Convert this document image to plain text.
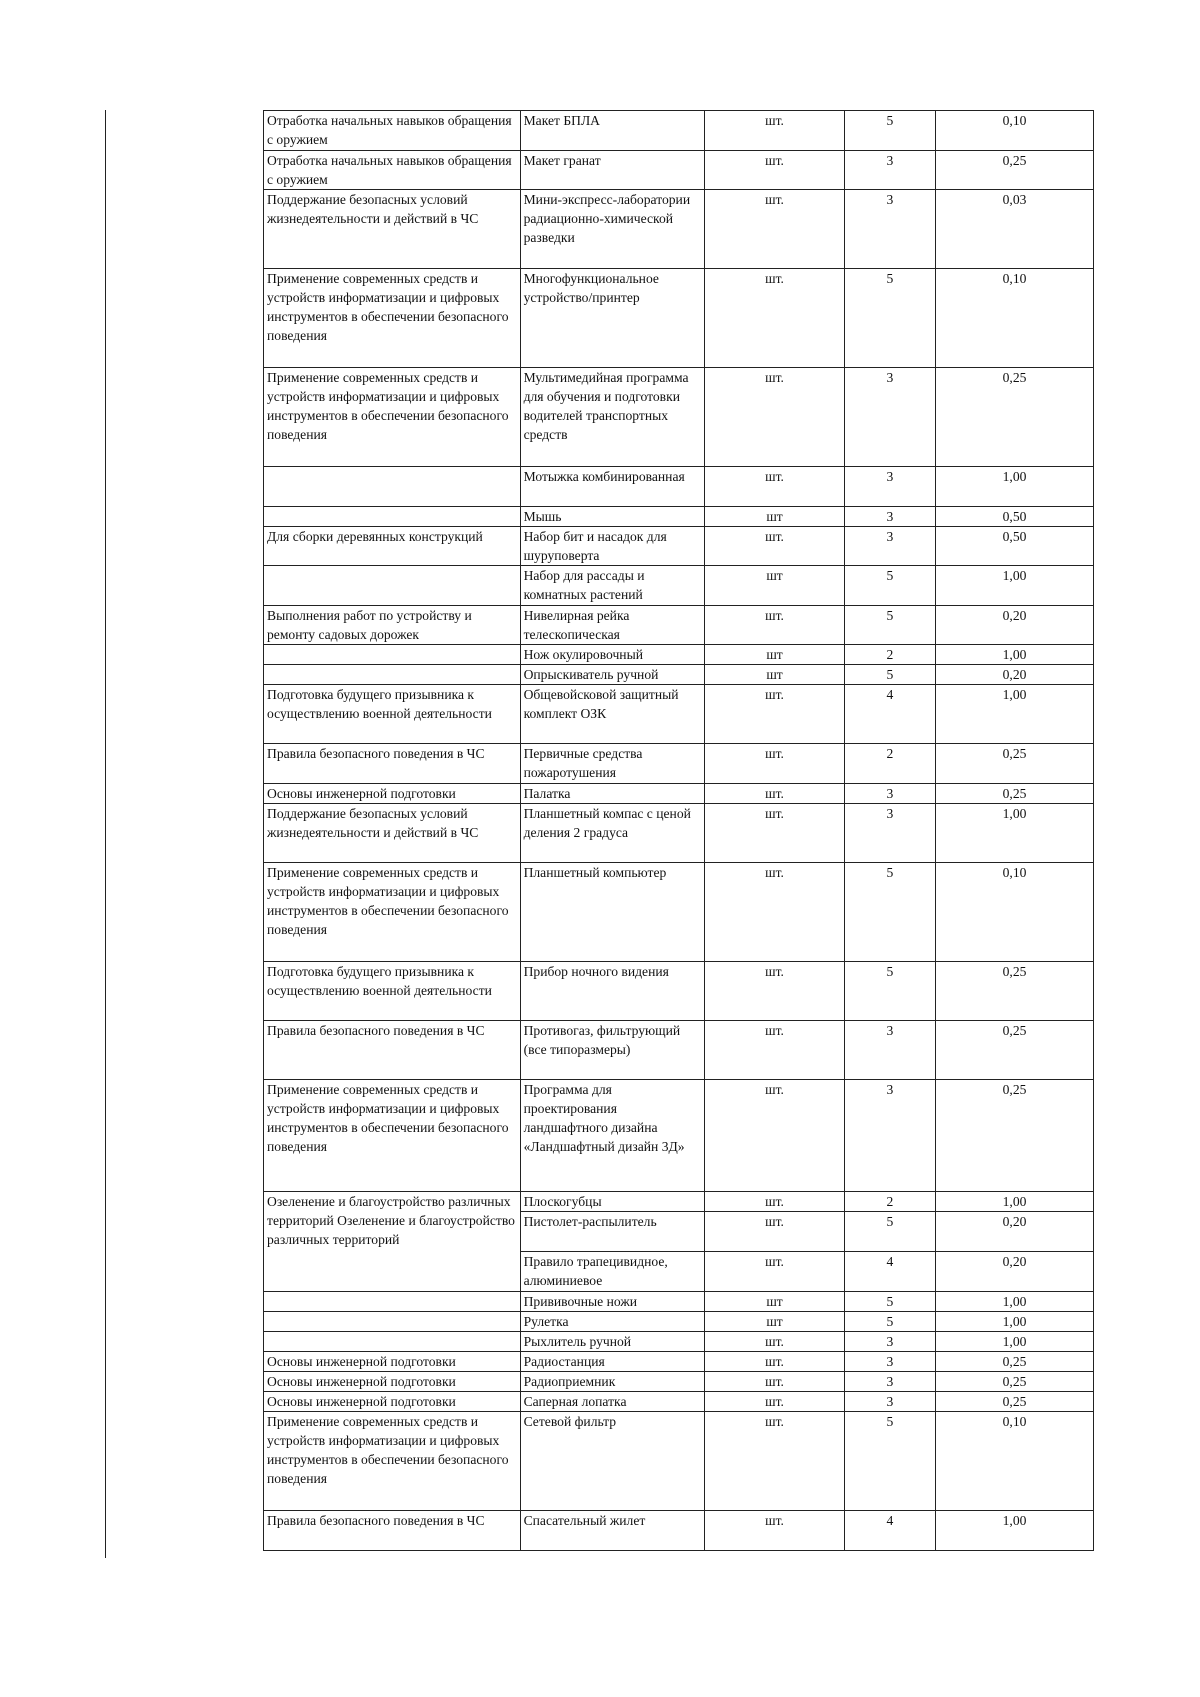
Отработка начальных навыков обращения с оружием	Макет БПЛА	шт.	5	0,10
Отработка начальных навыков обращения с оружием	Макет гранат	шт.	3	0,25
Поддержание безопасных условий жизнедеятельности и действий в ЧС	Мини-экспресс-лаборатории радиационно-химической разведки	шт.	3	0,03
Применение современных средств и устройств информатизации и цифровых инструментов в обеспечении безопасного поведения	Многофункциональное устройство/принтер	шт.	5	0,10
Применение современных средств и устройств информатизации и цифровых инструментов в обеспечении безопасного поведения	Мультимедийная программа для обучения и подготовки водителей транспортных средств	шт.	3	0,25
	Мотыжка комбинированная	шт.	3	1,00
	Мышь	шт	3	0,50
Для сборки деревянных конструкций	Набор бит и насадок для шуруповерта	шт.	3	0,50
	Набор для рассады и комнатных растений	шт	5	1,00
Выполнения работ по устройству и ремонту садовых дорожек	Нивелирная рейка телескопическая	шт.	5	0,20
	Нож окулировочный	шт	2	1,00
	Опрыскиватель ручной	шт	5	0,20
Подготовка будущего призывника к осуществлению военной деятельности	Общевойсковой защитный комплект ОЗК	шт.	4	1,00
Правила безопасного поведения в ЧС	Первичные средства пожаротушения	шт.	2	0,25
Основы инженерной подготовки	Палатка	шт.	3	0,25
Поддержание безопасных условий жизнедеятельности и действий в ЧС	Планшетный компас с ценой деления 2 градуса	шт.	3	1,00
Применение современных средств и устройств информатизации и цифровых инструментов в обеспечении безопасного поведения	Планшетный компьютер	шт.	5	0,10
Подготовка будущего призывника к осуществлению военной деятельности	Прибор ночного видения	шт.	5	0,25
Правила безопасного поведения в ЧС	Противогаз, фильтрующий (все типоразмеры)	шт.	3	0,25
Применение современных средств и устройств информатизации и цифровых инструментов в обеспечении безопасного поведения	Программа для проектирования ландшафтного дизайна «Ландшафтный дизайн 3Д»	шт.	3	0,25
Озеленение и благоустройство различных территорий Озеленение и благоустройство различных территорий	Плоскогубцы	шт.	2	1,00
	Пистолет-распылитель	шт.	5	0,20
	Правило трапецивидное, алюминиевое	шт.	4	0,20
	Прививочные ножи	шт	5	1,00
	Рулетка	шт	5	1,00
	Рыхлитель ручной	шт.	3	1,00
Основы инженерной подготовки	Радиостанция	шт.	3	0,25
Основы инженерной подготовки	Радиоприемник	шт.	3	0,25
Основы инженерной подготовки	Саперная лопатка	шт.	3	0,25
Применение современных средств и устройств информатизации и цифровых инструментов в обеспечении безопасного поведения	Сетевой фильтр	шт.	5	0,10
Правила безопасного поведения в ЧС	Спасательный жилет	шт.	4	1,00
